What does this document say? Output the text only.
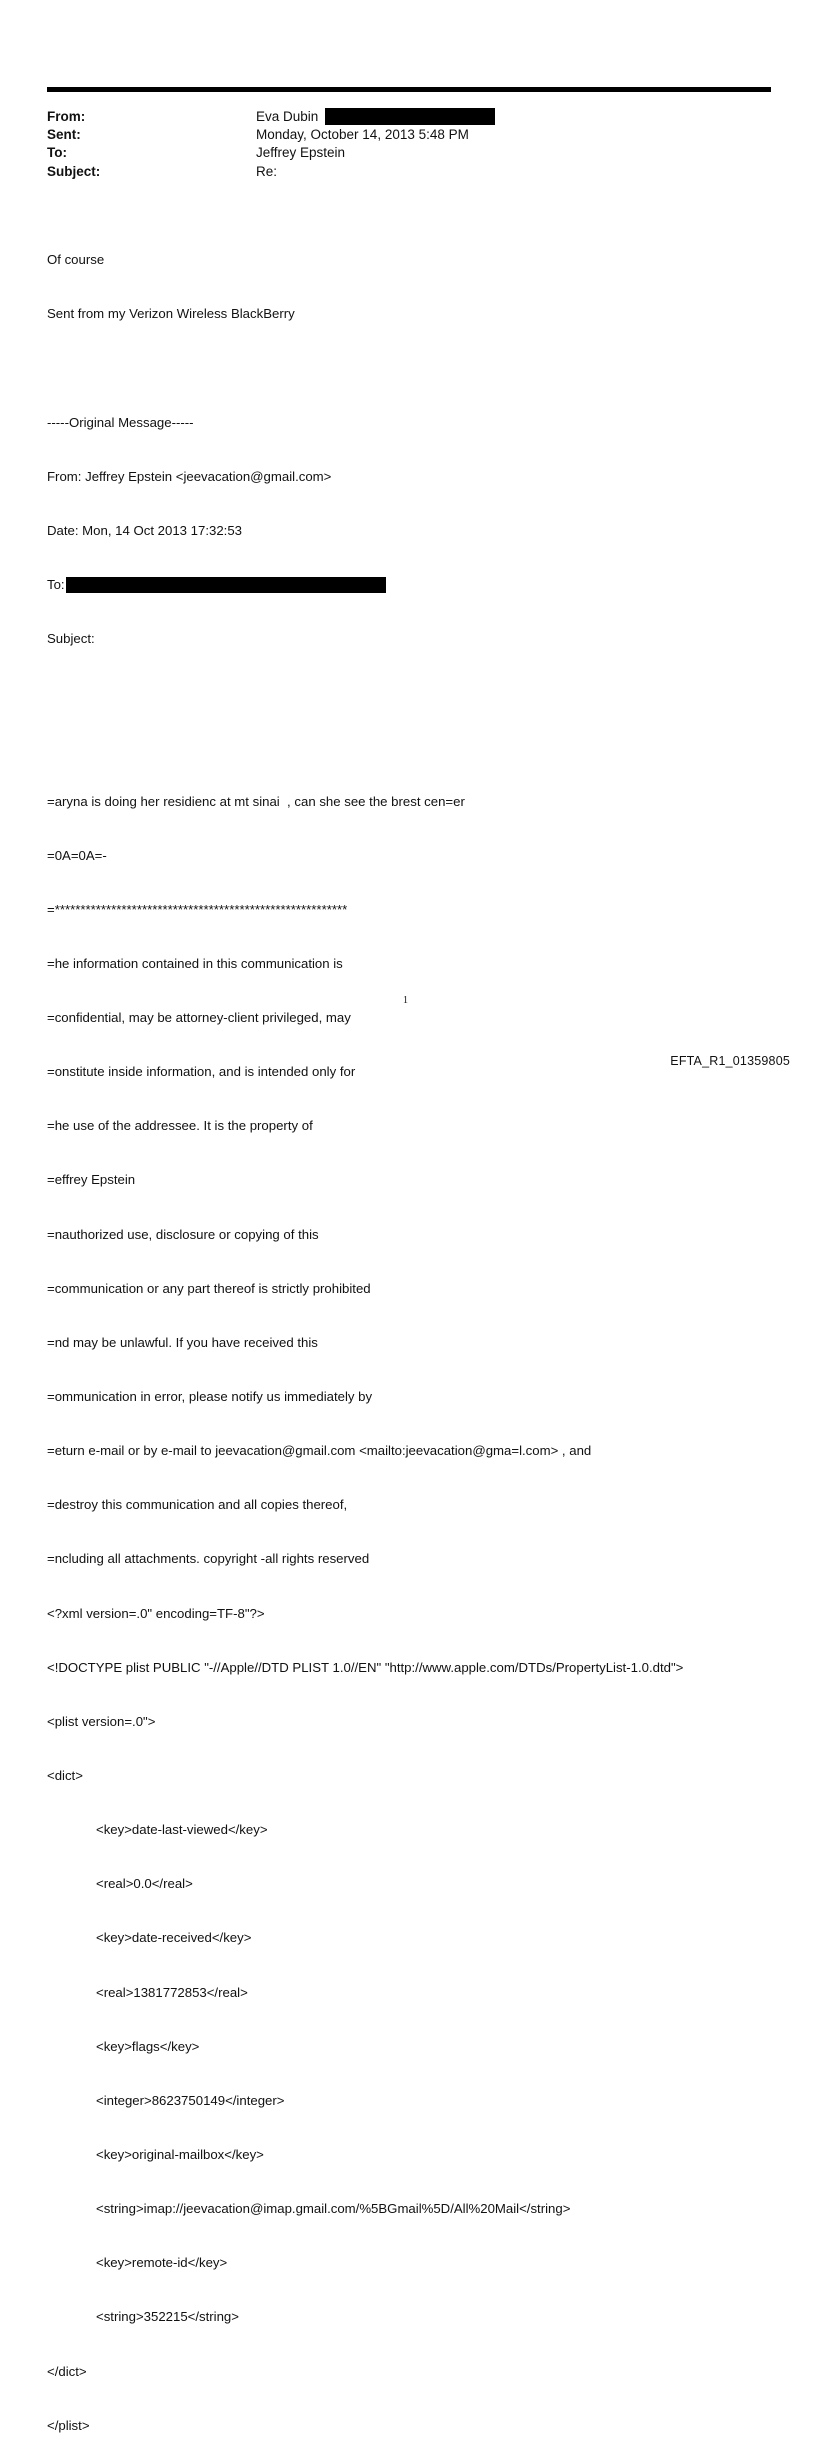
From:	Eva Dubin
Sent:	Monday, October 14, 2013 5:48 PM
To:	Jeffrey Epstein
Subject:	Re:

Of course

Sent from my Verizon Wireless BlackBerry

-----Original Message-----

From: Jeffrey Epstein <jeevacation@gmail.com>

Date: Mon, 14 Oct 2013 17:32:53

To:

Subject:

=aryna is doing her residienc at mt sinai  , can she see the brest cen=er

=0A=0A=-

=*********************************************************

=he information contained in this communication is

=confidential, may be attorney-client privileged, may

=onstitute inside information, and is intended only for

=he use of the addressee. It is the property of

=effrey Epstein

=nauthorized use, disclosure or copying of this

=communication or any part thereof is strictly prohibited

=nd may be unlawful. If you have received this

=ommunication in error, please notify us immediately by

=eturn e-mail or by e-mail to jeevacation@gmail.com <mailto:jeevacation@gma=l.com> , and

=destroy this communication and all copies thereof,

=ncluding all attachments. copyright -all rights reserved

<?xml version=.0" encoding=TF-8"?>

<!DOCTYPE plist PUBLIC "-//Apple//DTD PLIST 1.0//EN" "http://www.apple.com/DTDs/PropertyList-1.0.dtd">

<plist version=.0">

<dict>

<key>date-last-viewed</key>

<real>0.0</real>

<key>date-received</key>

<real>1381772853</real>

<key>flags</key>

<integer>8623750149</integer>

<key>original-mailbox</key>

<string>imap://jeevacation@imap.gmail.com/%5BGmail%5D/All%20Mail</string>

<key>remote-id</key>

<string>352215</string>

</dict>

</plist>

1
EFTA_R1_01359805
